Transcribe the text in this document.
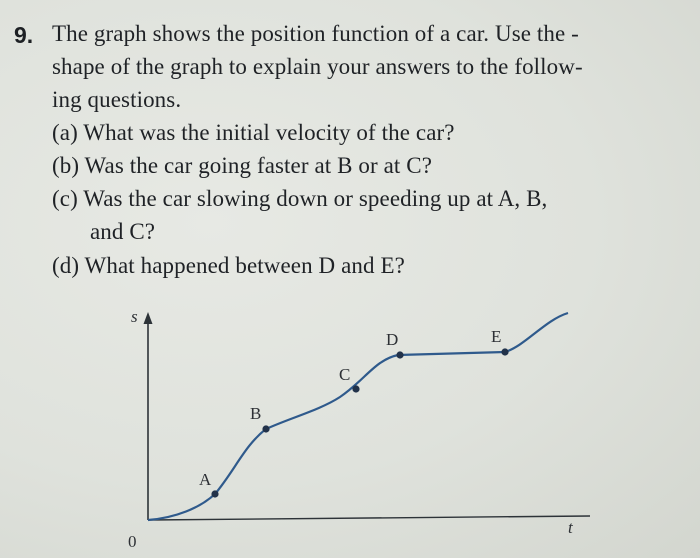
9. The graph shows the position function of a car. Use the -
shape of the graph to explain your answers to the follow-
ing questions.
(a) What was the initial velocity of the car?
(b) Was the car going faster at B or at C?
(c) Was the car slowing down or speeding up at A, B,
and C?
(d) What happened between D and E?
s
t
0
A
B
C
D	E
